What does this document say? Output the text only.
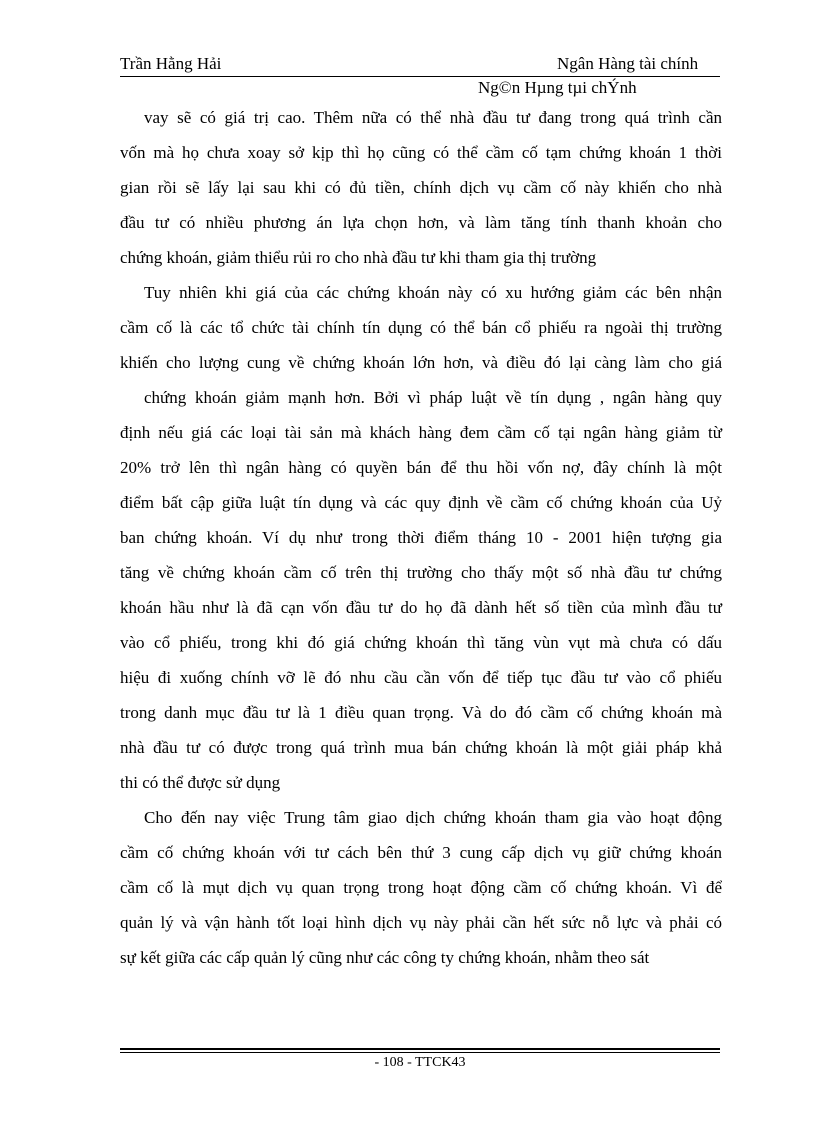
Trần Hằng Hải	Ngân Hàng tài chính
Ng©n Hµng tµi chÝnh
vay sẽ có giá trị cao. Thêm nữa có thể nhà đầu tư đang trong quá trình cần
vốn mà họ chưa xoay sở kịp thì họ cũng có thể cầm cố tạm chứng khoán 1 thời
gian rồi sẽ lấy lại sau khi có đủ tiền, chính dịch vụ cầm cố này khiến cho nhà
đầu tư có nhiều phương án lựa chọn hơn, và làm tăng tính thanh khoản cho
chứng khoán, giảm thiểu rủi ro cho nhà đầu tư khi tham gia thị trường
Tuy nhiên khi giá của các chứng khoán này có xu hướng giảm các bên nhận
cầm cố là các tổ chức tài chính tín dụng có thể bán cổ phiếu ra ngoài thị trường
khiến cho lượng cung về chứng khoán lớn hơn, và điều đó lại càng làm cho giá
chứng khoán giảm mạnh hơn. Bởi vì pháp luật về tín dụng , ngân hàng quy
định nếu giá các loại tài sản mà khách hàng đem cầm cố tại ngân hàng giảm từ
20% trở lên thì ngân hàng có quyền bán để thu hồi vốn nợ, đây chính là một
điểm bất cập giữa luật tín dụng và các quy định về cầm cố chứng khoán của Uỷ
ban chứng khoán. Ví dụ như trong thời điểm tháng 10 - 2001 hiện tượng gia
tăng về chứng khoán cầm cố trên thị trường cho thấy một số nhà đầu tư chứng
khoán hầu như là đã cạn vốn đầu tư do họ đã dành hết số tiền của mình đầu tư
vào cổ phiếu, trong khi đó giá chứng khoán thì tăng vùn vụt mà chưa có dấu
hiệu đi xuống chính vỡ lẽ đó nhu cầu cần vốn để tiếp tục đầu tư vào cổ phiếu
trong danh mục đầu tư là 1 điều quan trọng. Và do đó cầm cố chứng khoán mà
nhà đầu tư có được trong quá trình mua bán chứng khoán là một giải pháp khả
thi có thể được sử dụng
Cho đến nay việc Trung tâm giao dịch chứng khoán tham gia vào hoạt động
cầm cố chứng khoán với tư cách bên thứ 3 cung cấp dịch vụ giữ chứng khoán
cầm cố là mụt dịch vụ quan trọng trong hoạt động cầm cố chứng khoán. Vì để
quản lý và vận hành tốt loại hình dịch vụ này phải cần hết sức nỗ lực và phải có
sự kết giữa các cấp quản lý cũng như các công ty chứng khoán, nhằm theo sát
- 108 - TTCK43
